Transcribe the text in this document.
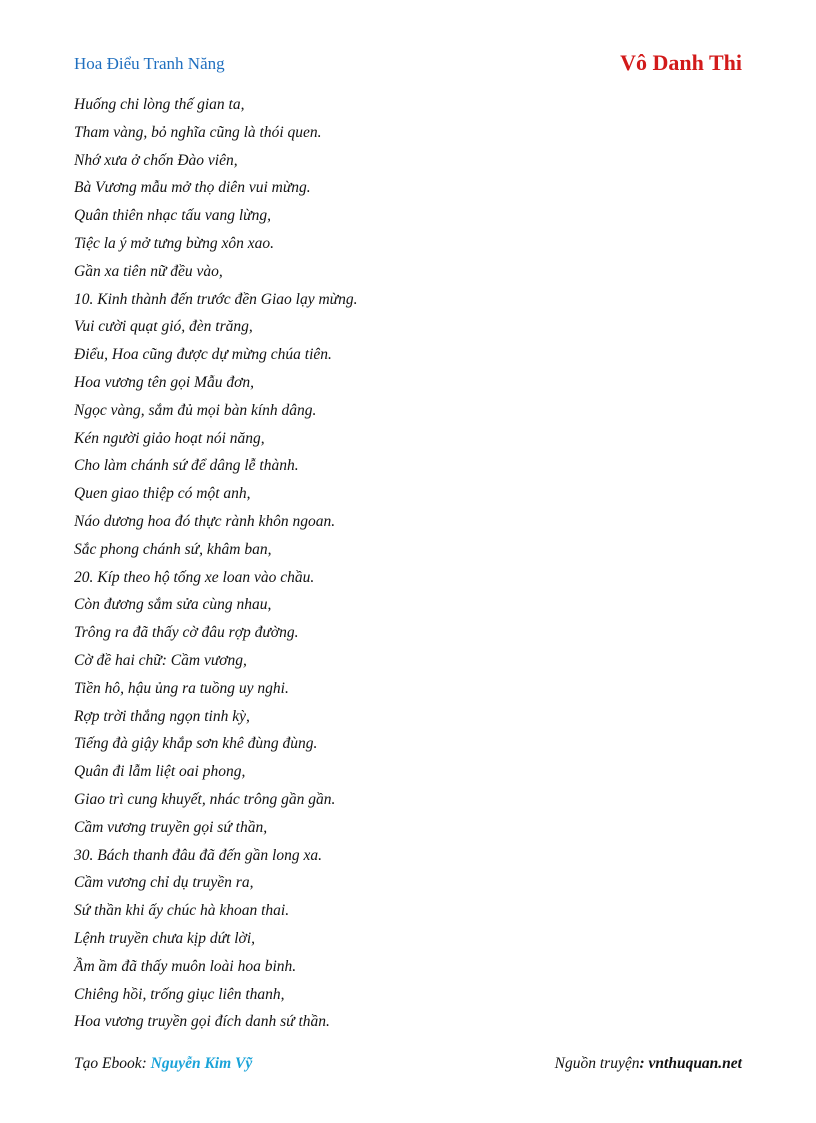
Hoa Điểu Tranh Năng	Vô Danh Thi
Huống chi lòng thế gian ta,
Tham vàng, bỏ nghĩa cũng là thói quen.
Nhớ xưa ở chốn Đào viên,
Bà Vương mẫu mở thọ diên vui mừng.
Quân thiên nhạc tấu vang lừng,
Tiệc la ý mở tưng bừng xôn xao.
Gần xa tiên nữ đều vào,
10. Kinh thành đến trước đền Giao lạy mừng.
Vui cười quạt gió, đèn trăng,
Điểu, Hoa cũng được dự mừng chúa tiên.
Hoa vương tên gọi Mẫu đơn,
Ngọc vàng, sắm đủ mọi bàn kính dâng.
Kén người giảo hoạt nói năng,
Cho làm chánh sứ để dâng lễ thành.
Quen giao thiệp có một anh,
Náo dương hoa đó thực rành khôn ngoan.
Sắc phong chánh sứ, khâm ban,
20. Kíp theo hộ tống xe loan vào chầu.
Còn đương sắm sửa cùng nhau,
Trông ra đã thấy cờ đâu rợp đường.
Cờ đề hai chữ: Cầm vương,
Tiền hô, hậu ủng ra tuồng uy nghi.
Rợp trời thắng ngọn tinh kỳ,
Tiếng đà giậy khắp sơn khê đùng đùng.
Quân đi lẫm liệt oai phong,
Giao trì cung khuyết, nhác trông gần gần.
Cầm vương truyền gọi sứ thần,
30. Bách thanh đâu đã đến gần long xa.
Cầm vương chỉ dụ truyền ra,
Sứ thần khi ấy chúc hà khoan thai.
Lệnh truyền chưa kịp dứt lời,
Ầm ầm đã thấy muôn loài hoa binh.
Chiêng hồi, trống giục liên thanh,
Hoa vương truyền gọi đích danh sứ thần.
Tạo Ebook: Nguyễn Kim Vỹ	Nguồn truyện: vnthuquan.net
